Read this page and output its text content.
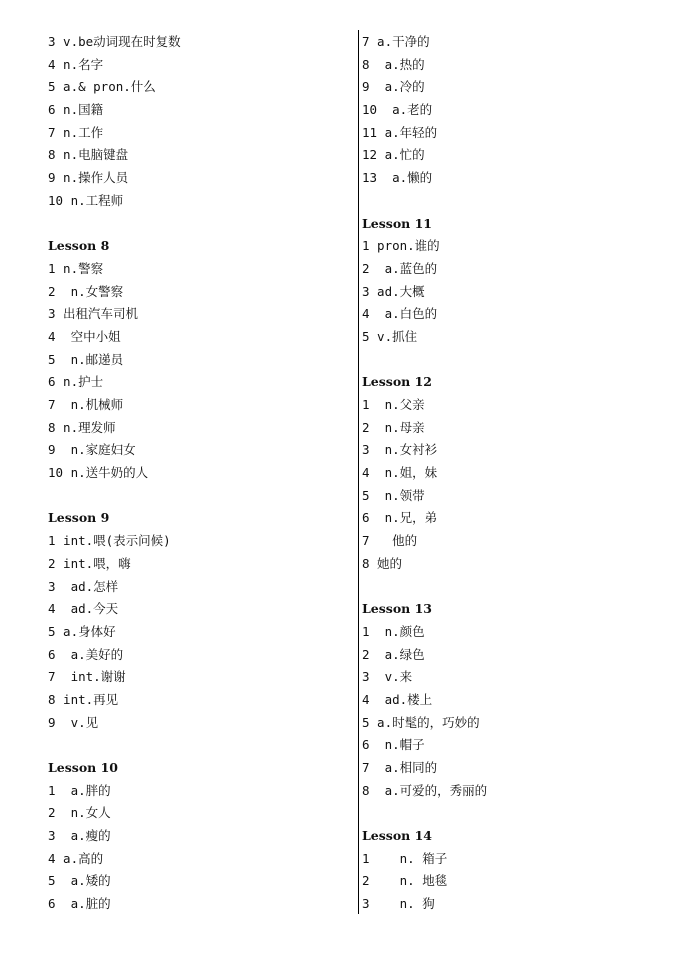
3 v.be动词现在时复数
4 n.名字
5 a.& pron.什么
6 n.国籍
7 n.工作
8 n.电脑键盘
9 n.操作人员
10 n.工程师
Lesson 8
1 n.警察
2  n.女警察
3 出租汽车司机
4  空中小姐
5  n.邮递员
6 n.护士
7  n.机械师
8 n.理发师
9  n.家庭妇女
10 n.送牛奶的人
Lesson 9
1 int.喂(表示问候)
2 int.喂，嗨
3  ad.怎样
4  ad.今天
5 a.身体好
6  a.美好的
7  int.谢谢
8 int.再见
9  v.见
Lesson 10
1  a.胖的
2  n.女人
3  a.瘦的
4 a.高的
5  a.矮的
6  a.脏的
7 a.干净的
8  a.热的
9  a.冷的
10  a.老的
11 a.年轻的
12 a.忙的
13  a.懒的
Lesson 11
1 pron.谁的
2  a.蓝色的
3 ad.大概
4  a.白色的
5 v.抓住
Lesson 12
1  n.父亲
2  n.母亲
3  n.女衬衫
4  n.姐，妹
5  n.领带
6  n.兄，弟
7   他的
8 她的
Lesson 13
1  n.颜色
2  a.绿色
3  v.来
4  ad.楼上
5 a.时髦的，巧妙的
6  n.帽子
7  a.相同的
8  a.可爱的，秀丽的
Lesson 14
1    n. 箱子
2    n. 地毯
3    n. 狗
